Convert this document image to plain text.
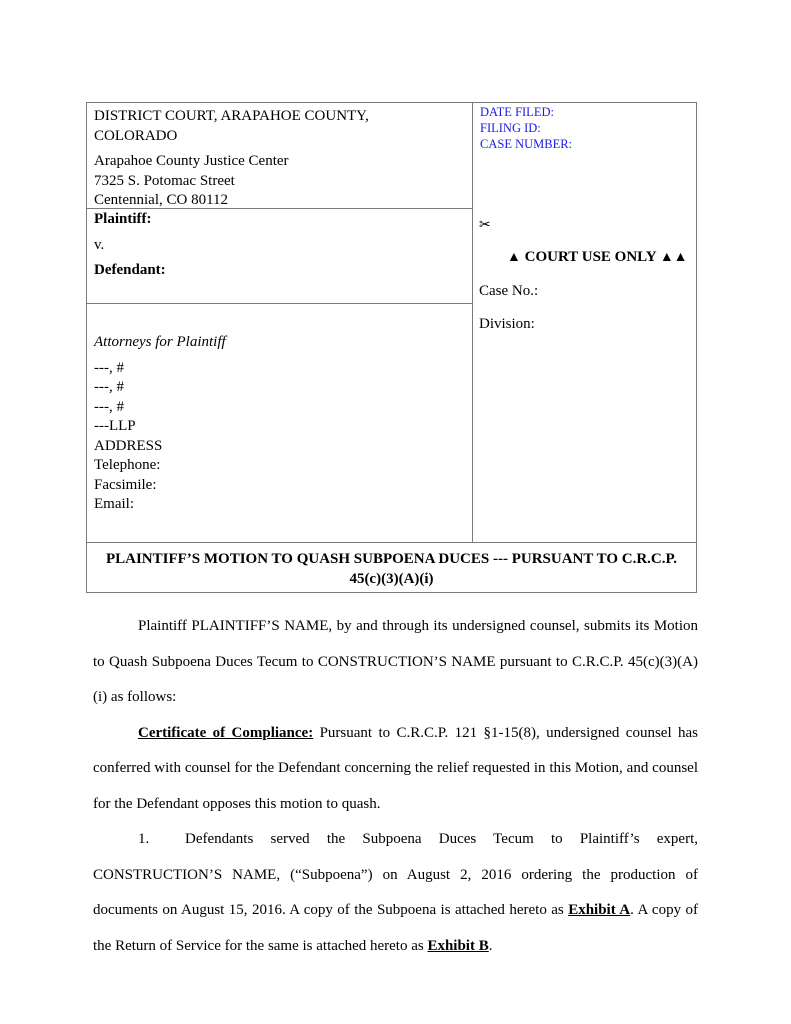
DISTRICT COURT, ARAPAHOE COUNTY,
COLORADO
Arapahoe County Justice Center
7325 S. Potomac Street
Centennial, CO 80112
Plaintiff:
v.
Defendant:
Attorneys for Plaintiff
---, #
---, #
---, #
---LLP
ADDRESS
Telephone:
Facsimile:
Email:
DATE FILED:
FILING ID:
CASE NUMBER:
✂
▲ COURT USE ONLY ▲▲
Case No.:
Division:
PLAINTIFF’S MOTION TO QUASH SUBPOENA DUCES --- PURSUANT TO C.R.C.P.
45(c)(3)(A)(i)

Plaintiff PLAINTIFF’S NAME, by and through its undersigned counsel, submits its Motion to Quash Subpoena Duces Tecum to CONSTRUCTION’S NAME pursuant to C.R.C.P. 45(c)(3)(A)(i) as follows:

Certificate of Compliance: Pursuant to C.R.C.P. 121 §1-15(8), undersigned counsel has conferred with counsel for the Defendant concerning the relief requested in this Motion, and counsel for the Defendant opposes this motion to quash.

1. Defendants served the Subpoena Duces Tecum to Plaintiff’s expert, CONSTRUCTION’S NAME, (“Subpoena”) on August 2, 2016 ordering the production of documents on August 15, 2016. A copy of the Subpoena is attached hereto as Exhibit A. A copy of the Return of Service for the same is attached hereto as Exhibit B.
